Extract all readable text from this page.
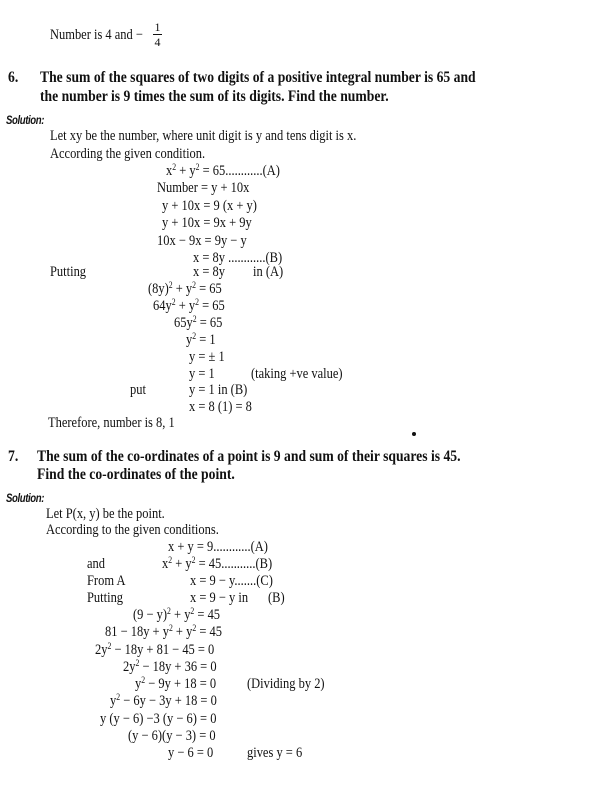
Number is 4 and − 1
4
6. The sum of the squares of two digits of a positive integral number is 65 and
the number is 9 times the sum of its digits. Find the number.
Solution:
7. The sum of the co-ordinates of a point is 9 and sum of their squares is 45.
Find the co-ordinates of the point.
Solution:
Let xy be the number, where unit digit is y and tens digit is x.
According the given condition.
$x^2 + y^2 = 65............(A)$
Number = y + 10x
y + 10x = 9 (x + y)
y + 10x = 9x + 9y
10x − 9x = 9y − y
x = 8y ............(B)
Putting	x = 8y in (A)
$(8y)^2 + y^2 = 65$
$64y^2 + y^2 = 65$
$65y^2 = 65$
$y^2 = 1$
y = ± 1
y = 1	(taking +ve value)
put	y = 1 in (B)
x = 8 (1) = 8
Therefore, number is 8, 1
Let P(x, y) be the point.
According to the given conditions.
x + y = 9............(A)
and	$x^2 + y^2 = 45...........(B)$
From A	x = 9 − y.......(C)
Putting	x = 9 − y in (B)
$(9 - y)^2 + y^2 = 45$
$81 - 18y + y^2 + y^2 = 45$
$2y^2 - 18y + 81 - 45 = 0$
$2y^2 - 18y + 36 = 0$
$y^2 - 9y + 18 = 0$ (Dividing by 2)
$y^2 - 6y - 3y + 18 = 0$
y (y − 6) −3 (y − 6) = 0
(y − 6)(y − 3) = 0
y − 6 = 0 gives y = 6
